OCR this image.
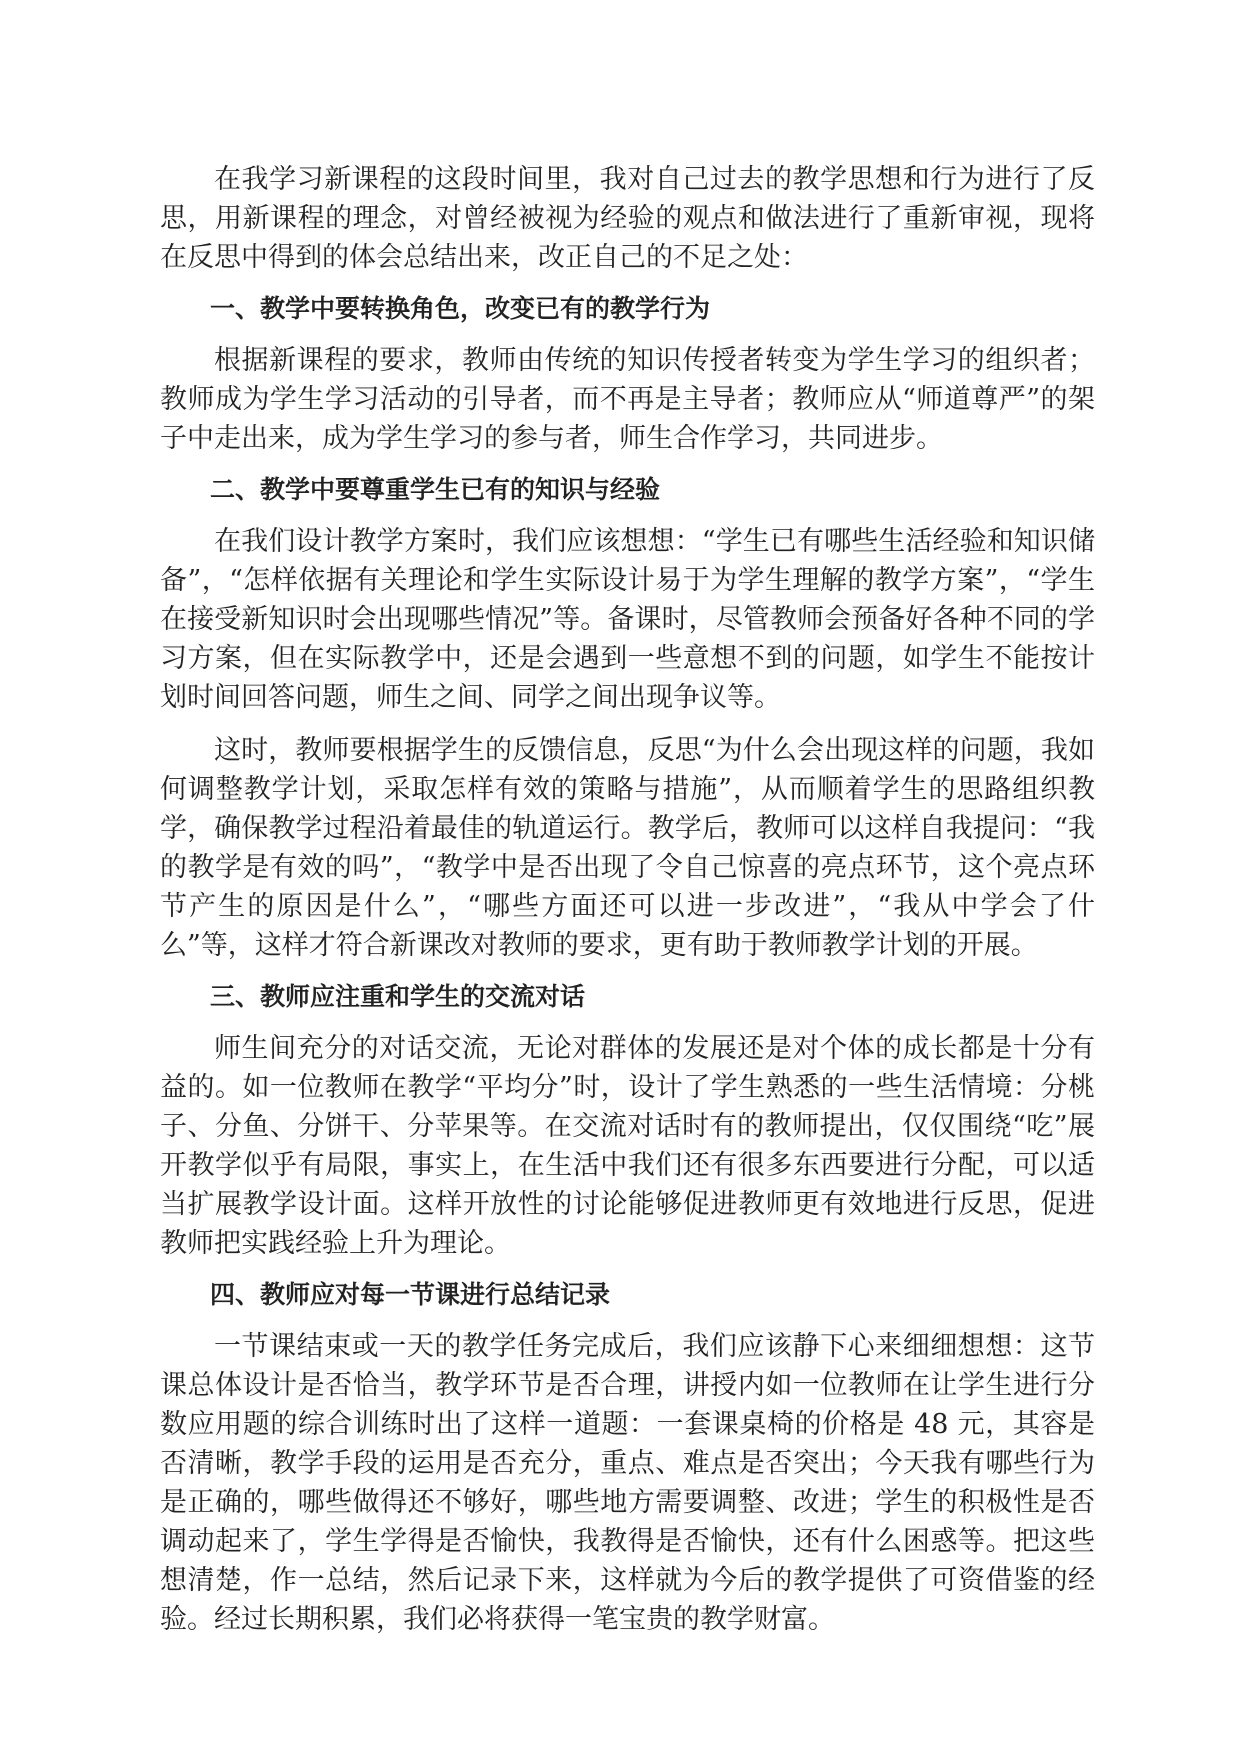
在我学习新课程的这段时间里，我对自己过去的教学思想和行为进行了反思，用新课程的理念，对曾经被视为经验的观点和做法进行了重新审视，现将在反思中得到的体会总结出来，改正自己的不足之处：

一、教学中要转换角色，改变已有的教学行为

根据新课程的要求，教师由传统的知识传授者转变为学生学习的组织者；教师成为学生学习活动的引导者，而不再是主导者；教师应从“师道尊严”的架子中走出来，成为学生学习的参与者，师生合作学习，共同进步。

二、教学中要尊重学生已有的知识与经验

在我们设计教学方案时，我们应该想想：“学生已有哪些生活经验和知识储备”，“怎样依据有关理论和学生实际设计易于为学生理解的教学方案”，“学生在接受新知识时会出现哪些情况”等。备课时，尽管教师会预备好各种不同的学习方案，但在实际教学中，还是会遇到一些意想不到的问题，如学生不能按计划时间回答问题，师生之间、同学之间出现争议等。

这时，教师要根据学生的反馈信息，反思“为什么会出现这样的问题，我如何调整教学计划，采取怎样有效的策略与措施”，从而顺着学生的思路组织教学，确保教学过程沿着最佳的轨道运行。教学后，教师可以这样自我提问：“我的教学是有效的吗”，“教学中是否出现了令自己惊喜的亮点环节，这个亮点环节产生的原因是什么”，“哪些方面还可以进一步改进”，“我从中学会了什么”等，这样才符合新课改对教师的要求，更有助于教师教学计划的开展。

三、教师应注重和学生的交流对话

师生间充分的对话交流，无论对群体的发展还是对个体的成长都是十分有益的。如一位教师在教学“平均分”时，设计了学生熟悉的一些生活情境：分桃子、分鱼、分饼干、分苹果等。在交流对话时有的教师提出，仅仅围绕“吃”展开教学似乎有局限，事实上，在生活中我们还有很多东西要进行分配，可以适当扩展教学设计面。这样开放性的讨论能够促进教师更有效地进行反思，促进教师把实践经验上升为理论。

四、教师应对每一节课进行总结记录

一节课结束或一天的教学任务完成后，我们应该静下心来细细想想：这节课总体设计是否恰当，教学环节是否合理，讲授内如一位教师在让学生进行分数应用题的综合训练时出了这样一道题：一套课桌椅的价格是 48 元，其容是否清晰，教学手段的运用是否充分，重点、难点是否突出；今天我有哪些行为是正确的，哪些做得还不够好，哪些地方需要调整、改进；学生的积极性是否调动起来了，学生学得是否愉快，我教得是否愉快，还有什么困惑等。把这些想清楚，作一总结，然后记录下来，这样就为今后的教学提供了可资借鉴的经验。经过长期积累，我们必将获得一笔宝贵的教学财富。
